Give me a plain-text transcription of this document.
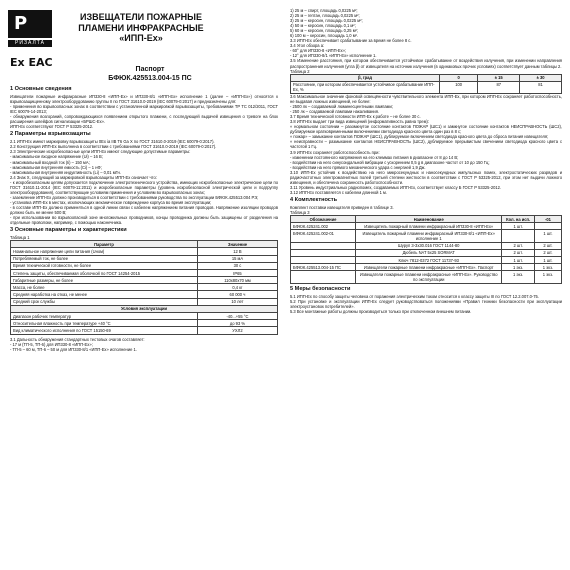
Р
РИЗАЛТА
Ex EAC
ИЗВЕЩАТЕЛИ ПОЖАРНЫЕ
ПЛАМЕНИ ИНФРАКРАСНЫЕ
«ИПП-Ех»
Паспорт
БФЮК.425513.004-15 ПС
1 Основные сведения

Извещатели пожарные инфракрасные ИП330-8 «ИПП-Ех» и ИП330-8/1 «ИПП-Ех» исполнение 1 (далее – «ИПП-Ех») относятся к взрывозащищенному электрооборудованию группы II по ГОСТ 31610.0-2019 (IEC 60079-0:2017) и предназначены для:

- применения во взрывоопасных зонах в соответствии с установленной маркировкой взрывозащиты, требованиями ТР ТС 012/2011, ГОСТ IEC 60079-14-2013;

- обнаружения возгораний, сопровождающихся появлением открытого пламени, с последующей выдачей извещения о тревоге на блок расширения шлейфов сигнализации «БРШС-Ех».

ИПП-Ех соответствуют ГОСТ Р 53325-2012.

2 Параметры взрывозащиты

2.1 ИПП-Ех имеют маркировку взрывозащиты 0Ex ia IIB T6 Ga X по ГОСТ 31610.0-2019 (IEC 60079-0:2017).

2.2 Конструкция ИПП-Ех выполнена в соответствии с требованиями ГОСТ 31610.0-2019 (IEC 60079-0:2017).

2.3 Электрические искробезопасные цепи ИПП-Ех имеют следующие допустимые параметры:

- максимальное входное напряжение (Ui) – 16 В;

- максимальный входной ток (Ii) – 150 мА;

- максимальная внутренняя емкость (Ci) – 1 нФ;

- максимальная внутренняя индуктивность (Li) – 0,01 мГн.

2.4 Знак Х, следующий за маркировкой взрывозащиты ИПП-Ех означает что:

- к искробезопасным цепям допускается подключение электротехнического устройства, имеющих искробезопасные электрические цепи по ГОСТ 31610.11-2014 (IEC 60079-11:2011) и искробезопасные параметры (уровень искробезопасной электрической цепи и подгруппу электрооборудования), соответствующие условиям применения и условиям во взрывоопасных зонах;

- заземление ИПП-Ех должно производиться в соответствии с требованиями руководства по эксплуатации БФЮК.425513.004 РЭ;

- установка ИПП-Ех в местах, исключающих механическое повреждение корпуса во время эксплуатации;

- в составе ИПП-Ех должно применяться в одной линии связи с кабелем напряжением питания проводов. Напряжение изоляции проводов должно быть не менее 500 В;

- при использовании во взрывоопасной зоне многожильных проводников, концы проводника должны быть защищены от разделения на отдельные проволоки, например, с помощью наконечника.

3 Основные параметры и характеристики
Таблица 1
Параметр	Значение
Номинальное напряжение цепи питания (Uном)	12 В
Потребляемый ток, не более	15 мА
Время технической готовности, не более	30 с
Степень защиты, обеспечиваемая оболочкой по ГОСТ 14254-2015	IP65
Габаритные размеры, не более	110х80х70 мм
Масса, не более	0,4 кг
Средняя наработка на отказ, не менее	60 000 ч
Средний срок службы	10 лет
Условия эксплуатации	
Диапазон рабочих температур	-40...+55 °С
Относительная влажность при температуре +40 °С	до 93 %
Вид климатического исполнения по ГОСТ 15150-69	УХЛ2

3.1 Дальность обнаружения стандартных тестовых очагов составляет:

- 17 м (ТП-5, ТП-6) для ИП330-8 «ИПП-Ех»;

- ТП-5 – 60 м, ТП-6 – 50 м для ИП330-8/1 «ИПП-Ех» исполнение 1.

1) 25 м – спирт, площадь 0,0225 м²;

2) 25 м – гептан, площадь 0,0225 м²;

3) 25 м – керосин, площадь 0,0225 м²;

4) 50 м – керосин, площадь 0,1 м²;

5) 60 м – керосин, площадь 0,25 м²;

6) 100 м – керосин, площадь 1,0 м².

3.3 ИПП-Ех обеспечивает срабатывание за время не более 8 с.

3.4 Угол обзора а:

- 60° для ИП330-8 «ИПП-Ех»;

- 12° для ИП330-8/1 «ИПП-Ех» исполнение 1.

3.5 Изменение расстояния, при котором обеспечивается устойчивое срабатывание от воздействия излучения, при изменении направления распространения излучения (угла β) от извещателя на источник излучения (в одинаковых прочих условиях) соответствует данным таблицы 2.

Таблица 2
β, град	0	± 15	± 30
Расстояние, при котором обеспечивается устойчивое срабатывание ИПП-Ех, %	100	87	81

3.6 Максимальное значение фоновой освещённости чувствительного элемента ИПП-Ех, при котором ИПП-Ех сохраняет работоспособность, не выдавая ложных извещений, не более:

- 2500 лк – создаваемой люминесцентными лампами;

- 250 лк – создаваемой лампами накаливания.

3.7 Время технической готовности ИПП-Ех к работе – не более 30 с.

3.8 ИПП-Ех выдает три вида извещений (информативность равна трем):

« нормальном состоянии – разомкнутое состояние контактов ПОЖАР (ШС1) и замкнутое состояние контактов НЕИСПРАВНОСТЬ (ШС2), дублируемое кратковременными включениями светодиода красного цвета один раз в 8 с;

« пожар» – замыкание контактов ПОЖАР (ШС1), дублируемое включением светодиода красного цвета до сброса питания извещателя;

« неисправности – размыкание контактов НЕИСПРАВНОСТЬ (ШС2), дублируемое прерывистым свечением светодиода красного цвета с частотой 1 Гц.

3.9 ИПП-Ех сохраняет работоспособность при:

- изменении постоянного напряжения на его клеммах питания в диапазоне от 8 до 14 В;

- воздействии на него синусоидальной вибрации с ускорением 0,5 g в диапазоне частот от 10 до 150 Гц;

- воздействии на него прямого механического удара с энергией 1,9 Дж.

3.10 ИПП-Ех устойчив к воздействию на него микросекундных и наносекундных импульсных помех, электростатических разрядов и радиочастотных электромагнитных полей третьей степени жесткости в соответствии с ГОСТ Р 53325-2012, при этом нет выдачи ложного извещения, и обеспечена сохранность работоспособности.

3.11 Уровень индустриальных радиопомех, создаваемых ИПП-Ех, соответствует классу Б ГОСТ Р 53325-2012.

3.12 ИПП-Ех поставляется с кабелем длинной 1 м.

4 Комплектность

Комплект поставки извещателя приведен в таблице 3.

Таблица 3
Обозначение	Наименование	Кол. на исп.	-01
БФЮК.425241.002	Извещатель пожарный пламени инфракрасный ИП330-8 «ИПП-Ех»	1 шт.	
БФЮК.425241.002-01	Извещатель пожарный пламени инфракрасный ИП330-8/1 «ИПП-Ех» исполнение 1		1 шт.
	Шуруп 3-3х30.016 ГОСТ 1144-80	2 шт.	2 шт.
	Дюбель NAT 5x25 SORMAT	2 шт.	2 шт.
	Ключ 7812-0372 ГОСТ 11737-93	1 шт.	1 шт.
БФЮК.425513.004-15 ПС	Извещатели пожарные пламени инфракрасные «ИПП-Ех». Паспорт	1 экз.	1 экз.
	Извещатели пожарные пламени инфракрасные «ИПП-Ех». Руководство по эксплуатации	1 экз.	1 экз.
5 Меры безопасности

5.1 ИПП-Ех по способу защиты человека от поражения электрическим током относится к классу защиты III по ГОСТ 12.2.007.0-75.

5.2 При установке и эксплуатации ИПП-Ех следует руководствоваться положениями «Правил техники безопасности при эксплуатации электроустановок потребителей».

5.3 Все монтажные работы должны производиться только при отключенном внешнем питании.
